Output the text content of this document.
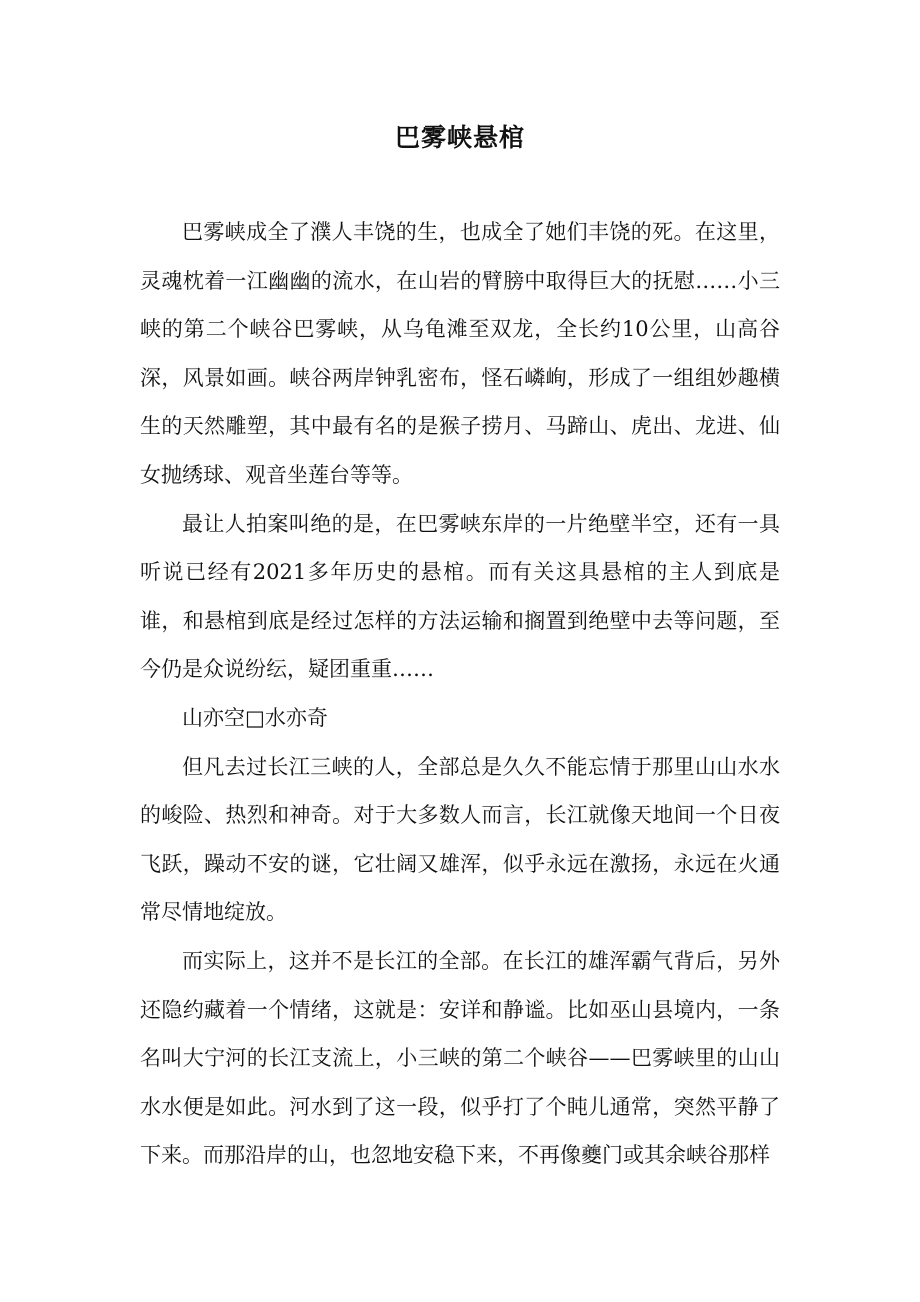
巴雾峡悬棺

巴雾峡成全了濮人丰饶的生，也成全了她们丰饶的死。在这里，灵魂枕着一江幽幽的流水，在山岩的臂膀中取得巨大的抚慰……小三峡的第二个峡谷巴雾峡，从乌龟滩至双龙，全长约10公里，山高谷深，风景如画。峡谷两岸钟乳密布，怪石嶙峋，形成了一组组妙趣横生的天然雕塑，其中最有名的是猴子捞月、马蹄山、虎出、龙进、仙女抛绣球、观音坐莲台等等。

最让人拍案叫绝的是，在巴雾峡东岸的一片绝壁半空，还有一具听说已经有2021多年历史的悬棺。而有关这具悬棺的主人到底是谁，和悬棺到底是经过怎样的方法运输和搁置到绝壁中去等问题，至今仍是众说纷纭，疑团重重……

山亦空□水亦奇

但凡去过长江三峡的人，全部总是久久不能忘情于那里山山水水的峻险、热烈和神奇。对于大多数人而言，长江就像天地间一个日夜飞跃，躁动不安的谜，它壮阔又雄浑，似乎永远在激扬，永远在火通常尽情地绽放。

而实际上，这并不是长江的全部。在长江的雄浑霸气背后，另外还隐约藏着一个情绪，这就是：安详和静谧。比如巫山县境内，一条名叫大宁河的长江支流上，小三峡的第二个峡谷——巴雾峡里的山山水水便是如此。河水到了这一段，似乎打了个盹儿通常，突然平静了下来。而那沿岸的山，也忽地安稳下来，不再像夔门或其余峡谷那样
